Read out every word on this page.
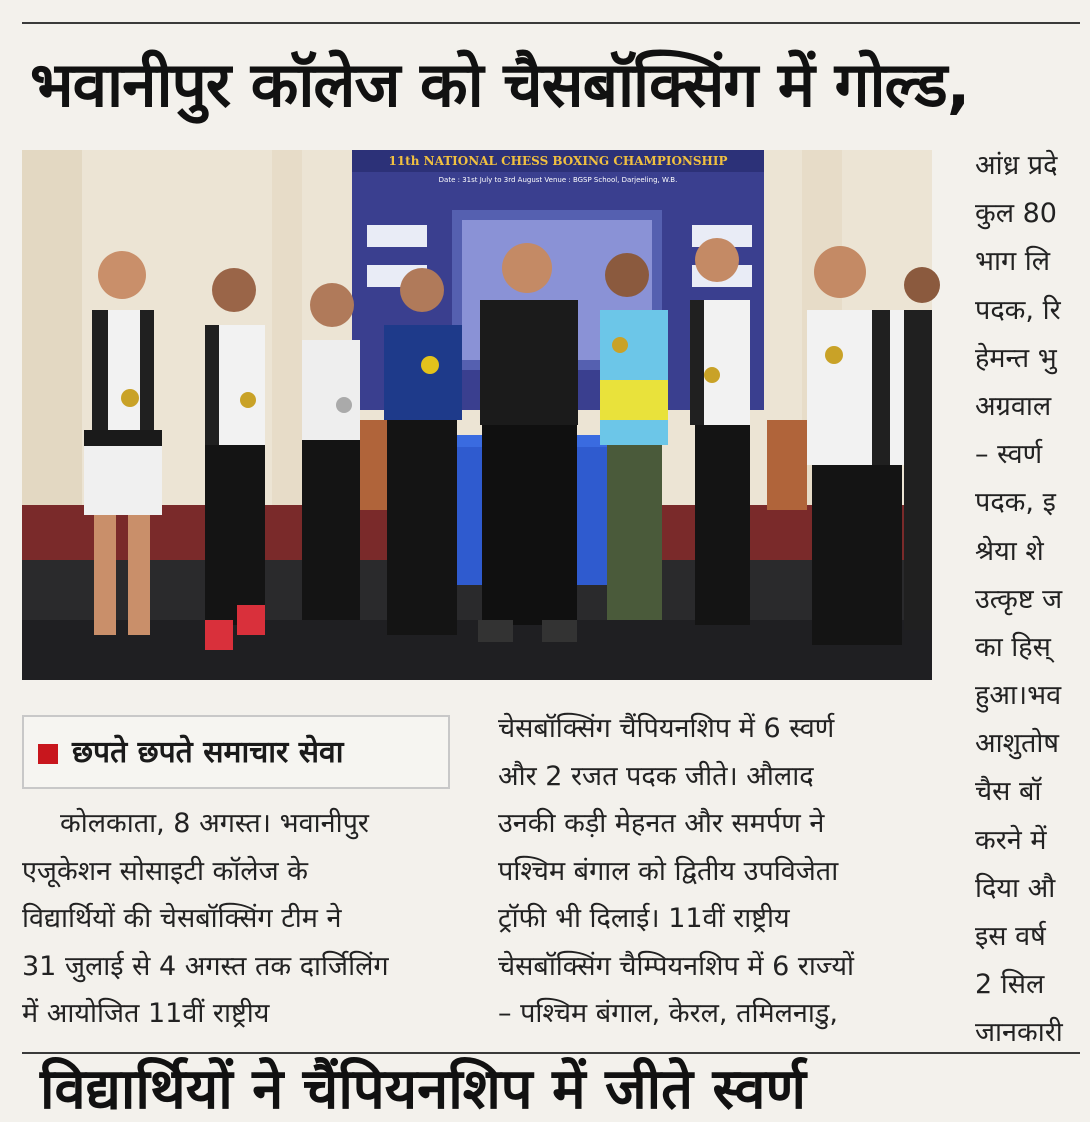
भवानीपुर कॉलेज को चैसबॉक्सिंग में गोल्ड,
11th NATIONAL CHESS BOXING CHAMPIONSHIP
Date : 31st July to 3rd August Venue : BGSP School, Darjeeling, W.B.
छपते छपते समाचार सेवा
कोलकाता, 8 अगस्त। भवानीपुर
एजूकेशन सोसाइटी कॉलेज के
विद्यार्थियों की चेसबॉक्सिंग टीम ने
31 जुलाई से 4 अगस्त तक दार्जिलिंग
में आयोजित 11वीं राष्ट्रीय
चेसबॉक्सिंग चैंपियनशिप में 6 स्वर्ण
और 2 रजत पदक जीते। औलाद
उनकी कड़ी मेहनत और समर्पण ने
पश्चिम बंगाल को द्वितीय उपविजेता
ट्रॉफी भी दिलाई। 11वीं राष्ट्रीय
चेसबॉक्सिंग चैम्पियनशिप में 6 राज्यों
– पश्चिम बंगाल, केरल, तमिलनाडु,
आंध्र प्रदे
कुल 80
भाग लि
पदक, रि
हेमन्त भु
अग्रवाल
– स्वर्ण
पदक, इ
श्रेया शे
उत्कृष्ट ज
का हिस्
हुआ।भव
आशुतोष
चैस बॉ
करने में
दिया औ
इस वर्ष
2 सिल
जानकारी
विद्यार्थियों ने चैंपियनशिप में जीते स्वर्ण
